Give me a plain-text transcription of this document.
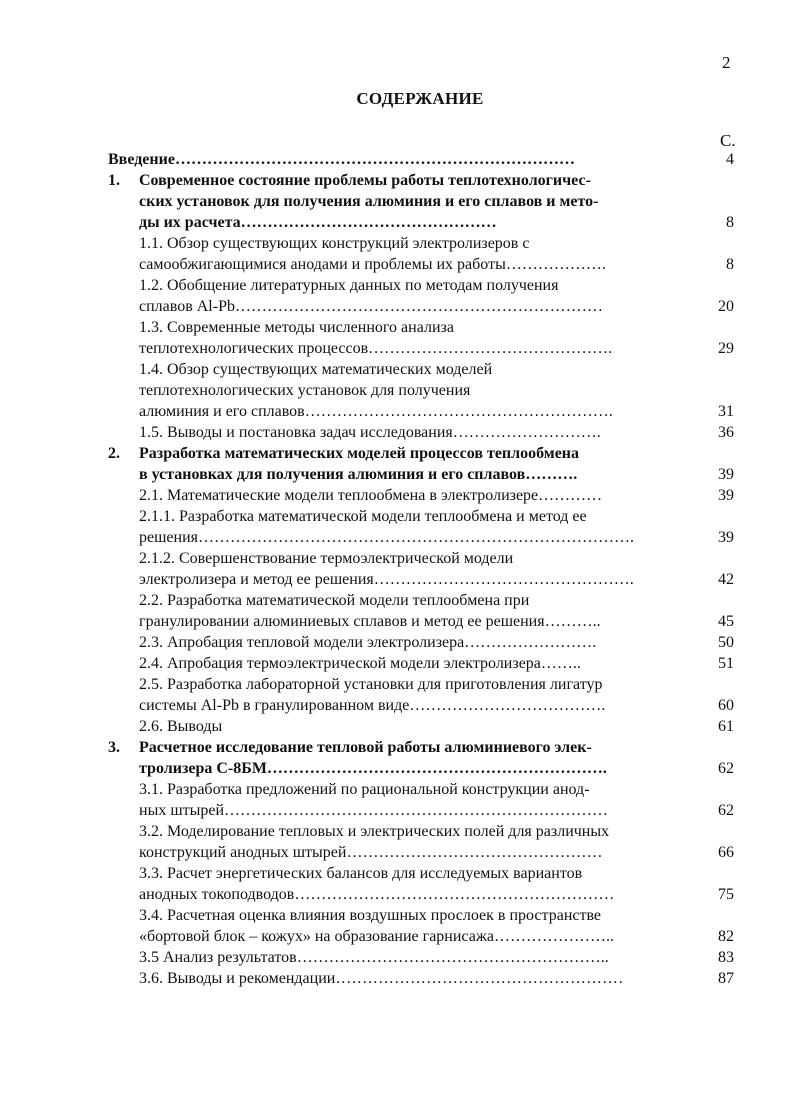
2
СОДЕРЖАНИЕ
С.
Введение…………………………………………………………………	4
1. Современное состояние проблемы работы теплотехнологичес-
ских установок для получения алюминия и его сплавов и мето-
ды их расчета…………………………………………	8
1.1. Обзор существующих конструкций электролизеров с
самообжигающимися анодами и проблемы их работы……………….	8
1.2. Обобщение литературных данных по методам получения
сплавов Al-Pb……………………………………………………………	20
1.3. Современные методы численного анализа
теплотехнологических процессов……………………………………….	29
1.4. Обзор существующих математических моделей
теплотехнологических установок для получения
алюминия и его сплавов………………………………………………….	31
1.5. Выводы и постановка задач исследования……………………….	36
2. Разработка математических моделей процессов теплообмена
в установках для получения алюминия и его сплавов……….	39
2.1. Математические модели теплообмена в электролизере…………	39
2.1.1. Разработка математической модели теплообмена и метод ее
решения……………………………………………………………………….	39
2.1.2. Совершенствование термоэлектрической модели
электролизера и метод ее решения………………………………………….	42
2.2. Разработка математической модели теплообмена при
гранулировании алюминиевых сплавов и метод ее решения………..	45
2.3. Апробация тепловой модели электролизера…………………….	50
2.4. Апробация термоэлектрической модели электролизера……..	51
2.5. Разработка лабораторной установки для приготовления лигатур
системы Al-Pb в гранулированном виде……………………………….	60
2.6. Выводы	61
3. Расчетное исследование тепловой работы алюминиевого элек-
тролизера С-8БМ……………………………………………………….	62
3.1. Разработка предложений по рациональной конструкции анод-
ных штырей………………………………………………………………	62
3.2. Моделирование тепловых и электрических полей для различных
конструкций анодных штырей…………………………………………	66
3.3. Расчет энергетических балансов для исследуемых вариантов
анодных токоподводов……………………………………………………	75
3.4. Расчетная оценка влияния воздушных прослоек в пространстве
«бортовой блок – кожух» на образование гарнисажа…………………..	82
3.5 Анализ результатов…………………………………………………..	83
3.6. Выводы и рекомендации………………………………………………	87
